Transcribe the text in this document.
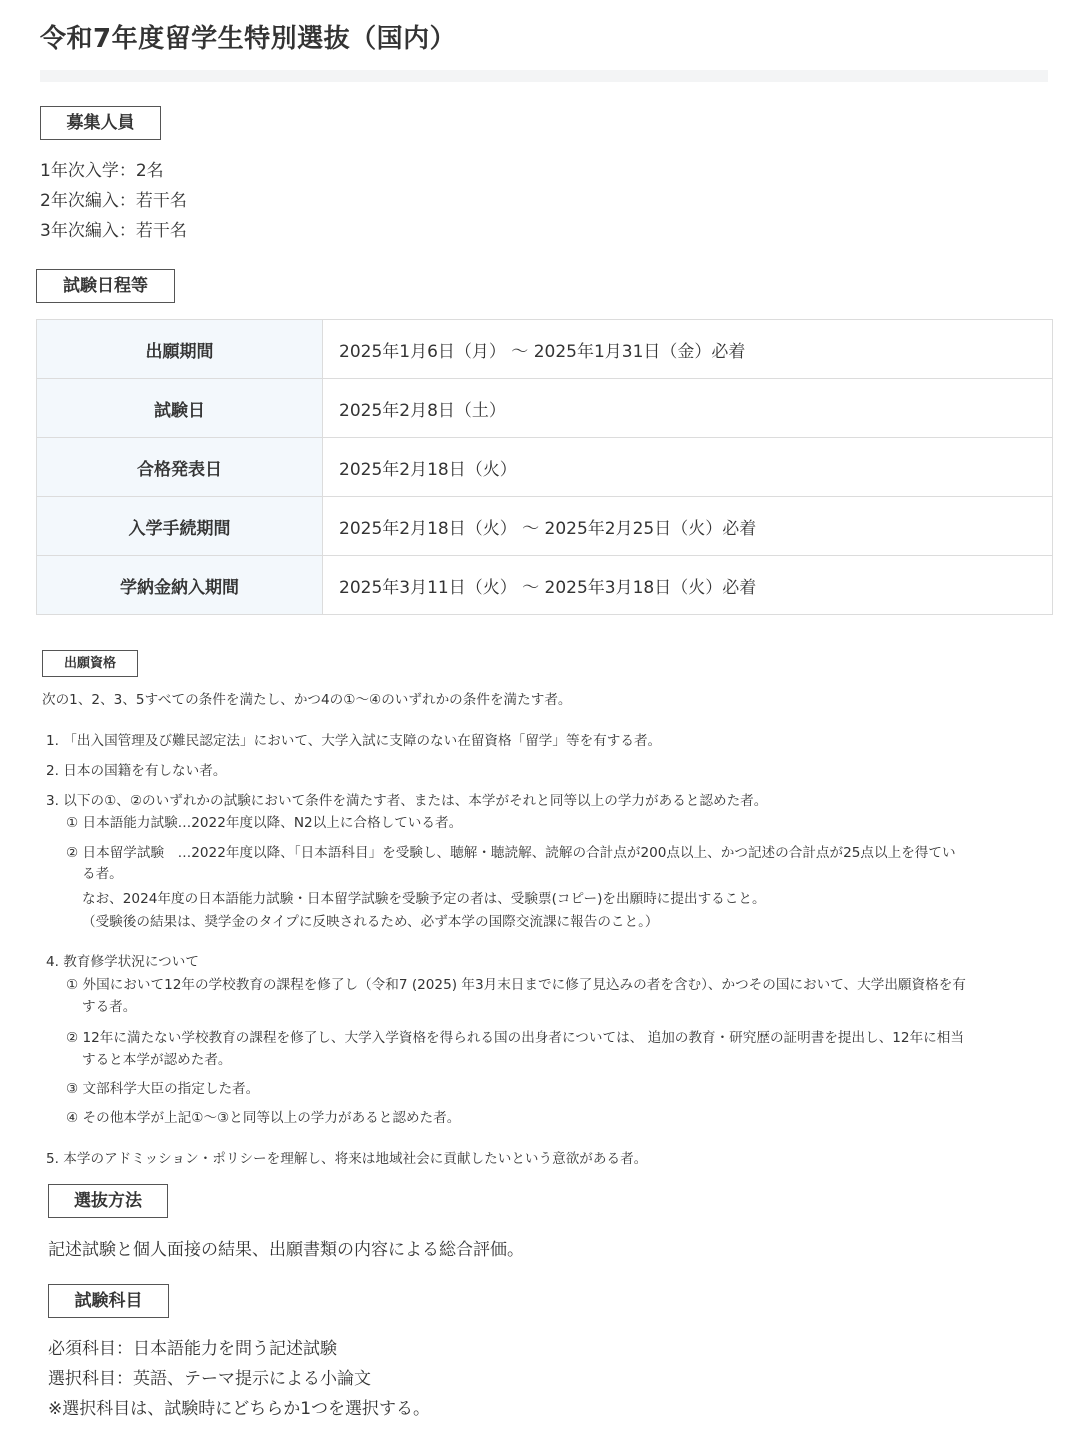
令和7年度留学生特別選抜（国内）
募集人員
1年次入学：2名
2年次編入：若干名
3年次編入：若干名
試験日程等
出願期間	2025年1月6日（月） ～ 2025年1月31日（金）必着
試験日	2025年2月8日（土）
合格発表日	2025年2月18日（火）
入学手続期間	2025年2月18日（火） ～ 2025年2月25日（火）必着
学納金納入期間	2025年3月11日（火） ～ 2025年3月18日（火）必着
出願資格
次の1、2、3、5すべての条件を満たし、かつ4の①～④のいずれかの条件を満たす者。
1. 「出入国管理及び難民認定法」において、大学入試に支障のない在留資格「留学」等を有する者。
2. 日本の国籍を有しない者。
3. 以下の①、②のいずれかの試験において条件を満たす者、または、本学がそれと同等以上の学力があると認めた者。
① 日本語能力試験…2022年度以降、N2以上に合格している者。
② 日本留学試験　…2022年度以降、「日本語科目」を受験し、聴解・聴読解、読解の合計点が200点以上、かつ記述の合計点が25点以上を得てい
る者。
なお、2024年度の日本語能力試験・日本留学試験を受験予定の者は、受験票(コピー)を出願時に提出すること。
（受験後の結果は、奨学金のタイプに反映されるため、必ず本学の国際交流課に報告のこと。）
4. 教育修学状況について
① 外国において12年の学校教育の課程を修了し（令和7 (2025) 年3月末日までに修了見込みの者を含む）、かつその国において、大学出願資格を有
する者。
② 12年に満たない学校教育の課程を修了し、大学入学資格を得られる国の出身者については、 追加の教育・研究歴の証明書を提出し、12年に相当
すると本学が認めた者。
③ 文部科学大臣の指定した者。
④ その他本学が上記①～③と同等以上の学力があると認めた者。
5. 本学のアドミッション・ポリシーを理解し、将来は地域社会に貢献したいという意欲がある者。
選抜方法
記述試験と個人面接の結果、出願書類の内容による総合評価。
試験科目
必須科目：日本語能力を問う記述試験
選択科目：英語、テーマ提示による小論文
※選択科目は、試験時にどちらか1つを選択する。
